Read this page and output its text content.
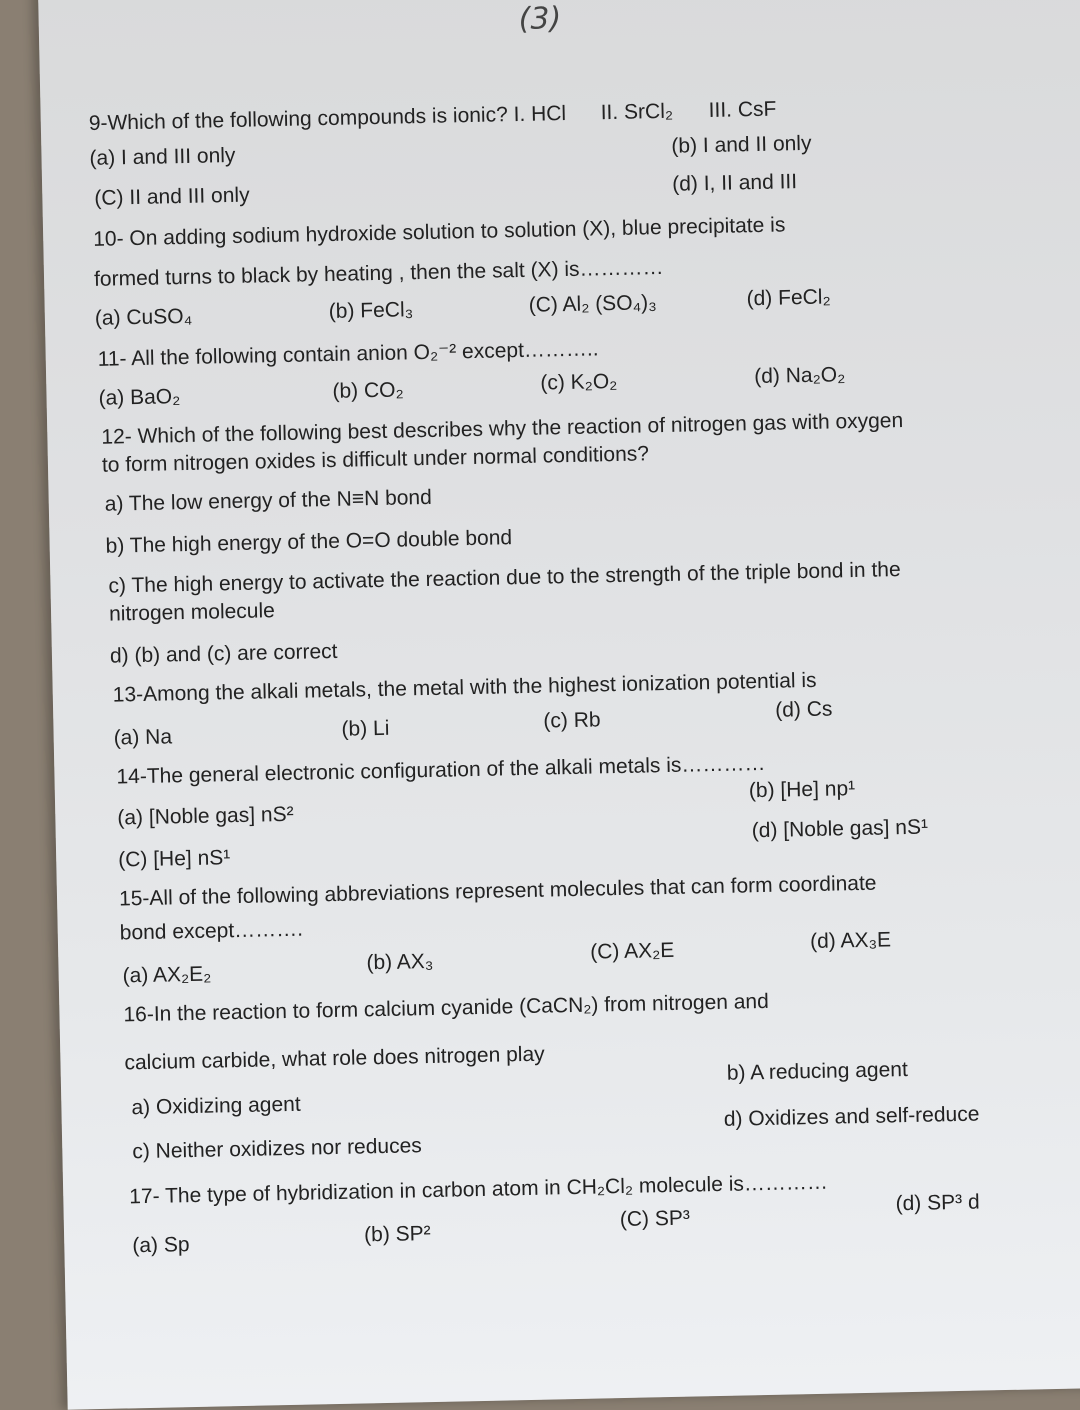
(3)
9-Which of the following compounds is ionic? I. HCl II. SrCl₂ III. CsF
(a) I and III only	(b) I and II only
(C) II and III only
(d) I, II and III
10- On adding sodium hydroxide solution to solution (X), blue precipitate is
formed turns to black by heating , then the salt (X) is…………
(a) CuSO₄	(b) FeCl₃	(C) Al₂ (SO₄)₃	(d) FeCl₂
11- All the following contain anion O₂⁻² except………..
(a) BaO₂	(b) CO₂	(c) K₂O₂	(d) Na₂O₂
12- Which of the following best describes why the reaction of nitrogen gas with oxygen
to form nitrogen oxides is difficult under normal conditions?
a) The low energy of the N≡N bond
b) The high energy of the O=O double bond
c) The high energy to activate the reaction due to the strength of the triple bond in the
nitrogen molecule
d) (b) and (c) are correct
13-Among the alkali metals, the metal with the highest ionization potential is
(a) Na	(b) Li	(c) Rb	(d) Cs
14-The general electronic configuration of the alkali metals is…………
(a) [Noble gas] nS²
(b) [He] np¹
(C) [He] nS¹
(d) [Noble gas] nS¹
15-All of the following abbreviations represent molecules that can form coordinate
bond except……….
(a) AX₂E₂
(b) AX₃	(C) AX₂E	(d) AX₃E
16-In the reaction to form calcium cyanide (CaCN₂) from nitrogen and
calcium carbide, what role does nitrogen play
a) Oxidizing agent
b) A reducing agent
c) Neither oxidizes nor reduces
d) Oxidizes and self-reduce
17- The type of hybridization in carbon atom in CH₂Cl₂ molecule is…………
(a) Sp	(b) SP²
(C) SP³
(d) SP³ d
